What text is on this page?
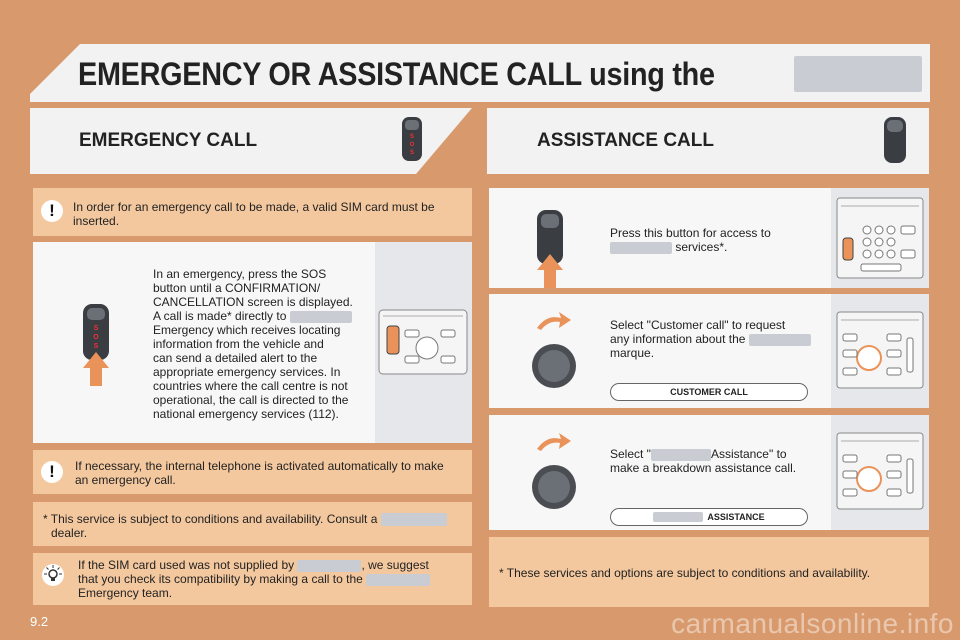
EMERGENCY OR ASSISTANCE CALL using the
EMERGENCY CALL	S
O
S
ASSISTANCE CALL
!	In order for an emergency call to be made, a valid SIM card must be inserted.
S
O
S
In an emergency, press the SOS
button until a CONFIRMATION/
CANCELLATION screen is displayed.
A call is made* directly to
Emergency which receives locating
information from the vehicle and
can send a detailed alert to the
appropriate emergency services. In
countries where the call centre is not
operational, the call is directed to the
national emergency services (112).
!	If necessary, the internal telephone is activated automatically to make an emergency call.
* This service is subject to conditions and availability. Consult a
dealer.
If the SIM card used was not supplied by	, we suggest
that you check its compatibility by making a call to the
Emergency team.
Press this button for access to
services*.
Select "Customer call" to request
any information about the
marque.
CUSTOMER CALL
Select "	Assistance" to
make a breakdown assistance call.
ASSISTANCE
* These services and options are subject to conditions and availability.
9.2	carmanualsonline.info
